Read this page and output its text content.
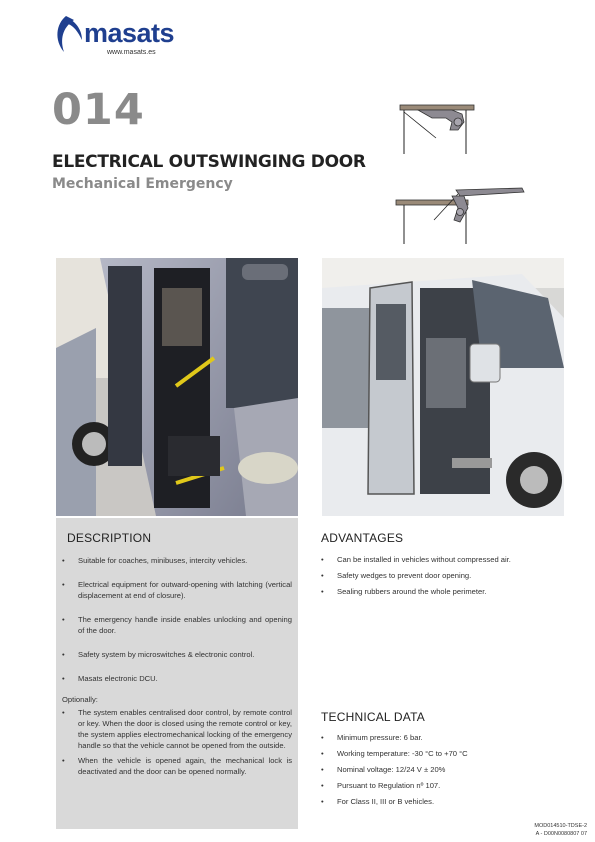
masats
www.masats.es
014
ELECTRICAL OUTSWINGING DOOR
Mechanical Emergency
DESCRIPTION
• Suitable for coaches, minibuses, intercity vehicles.
• Electrical equipment for outward-opening with latching (vertical displacement at end of closure).
• The emergency handle inside enables unlocking and opening of the door.
• Safety system by microswitches & electronic control.
• Masats electronic DCU.
Optionally:
• The system enables centralised door control, by remote control or key. When the door is closed using the remote control or key, the system applies electromechanical locking of the emergency handle so that the vehicle cannot be opened from the outside.
• When the vehicle is opened again, the mechanical lock is deactivated and the door can be opened normally.
ADVANTAGES
• Can be installed in vehicles without compressed air.
• Safety wedges to prevent door opening.
• Sealing rubbers around the whole perimeter.
TECHNICAL DATA
• Minimum pressure: 6 bar.
• Working temperature: -30 °C to +70 °C
• Nominal voltage: 12/24 V ± 20%
• Pursuant to Regulation nº 107.
• For Class II, III or B vehicles.
MOD014510-TDSE-2
A - D00N0080807 07
